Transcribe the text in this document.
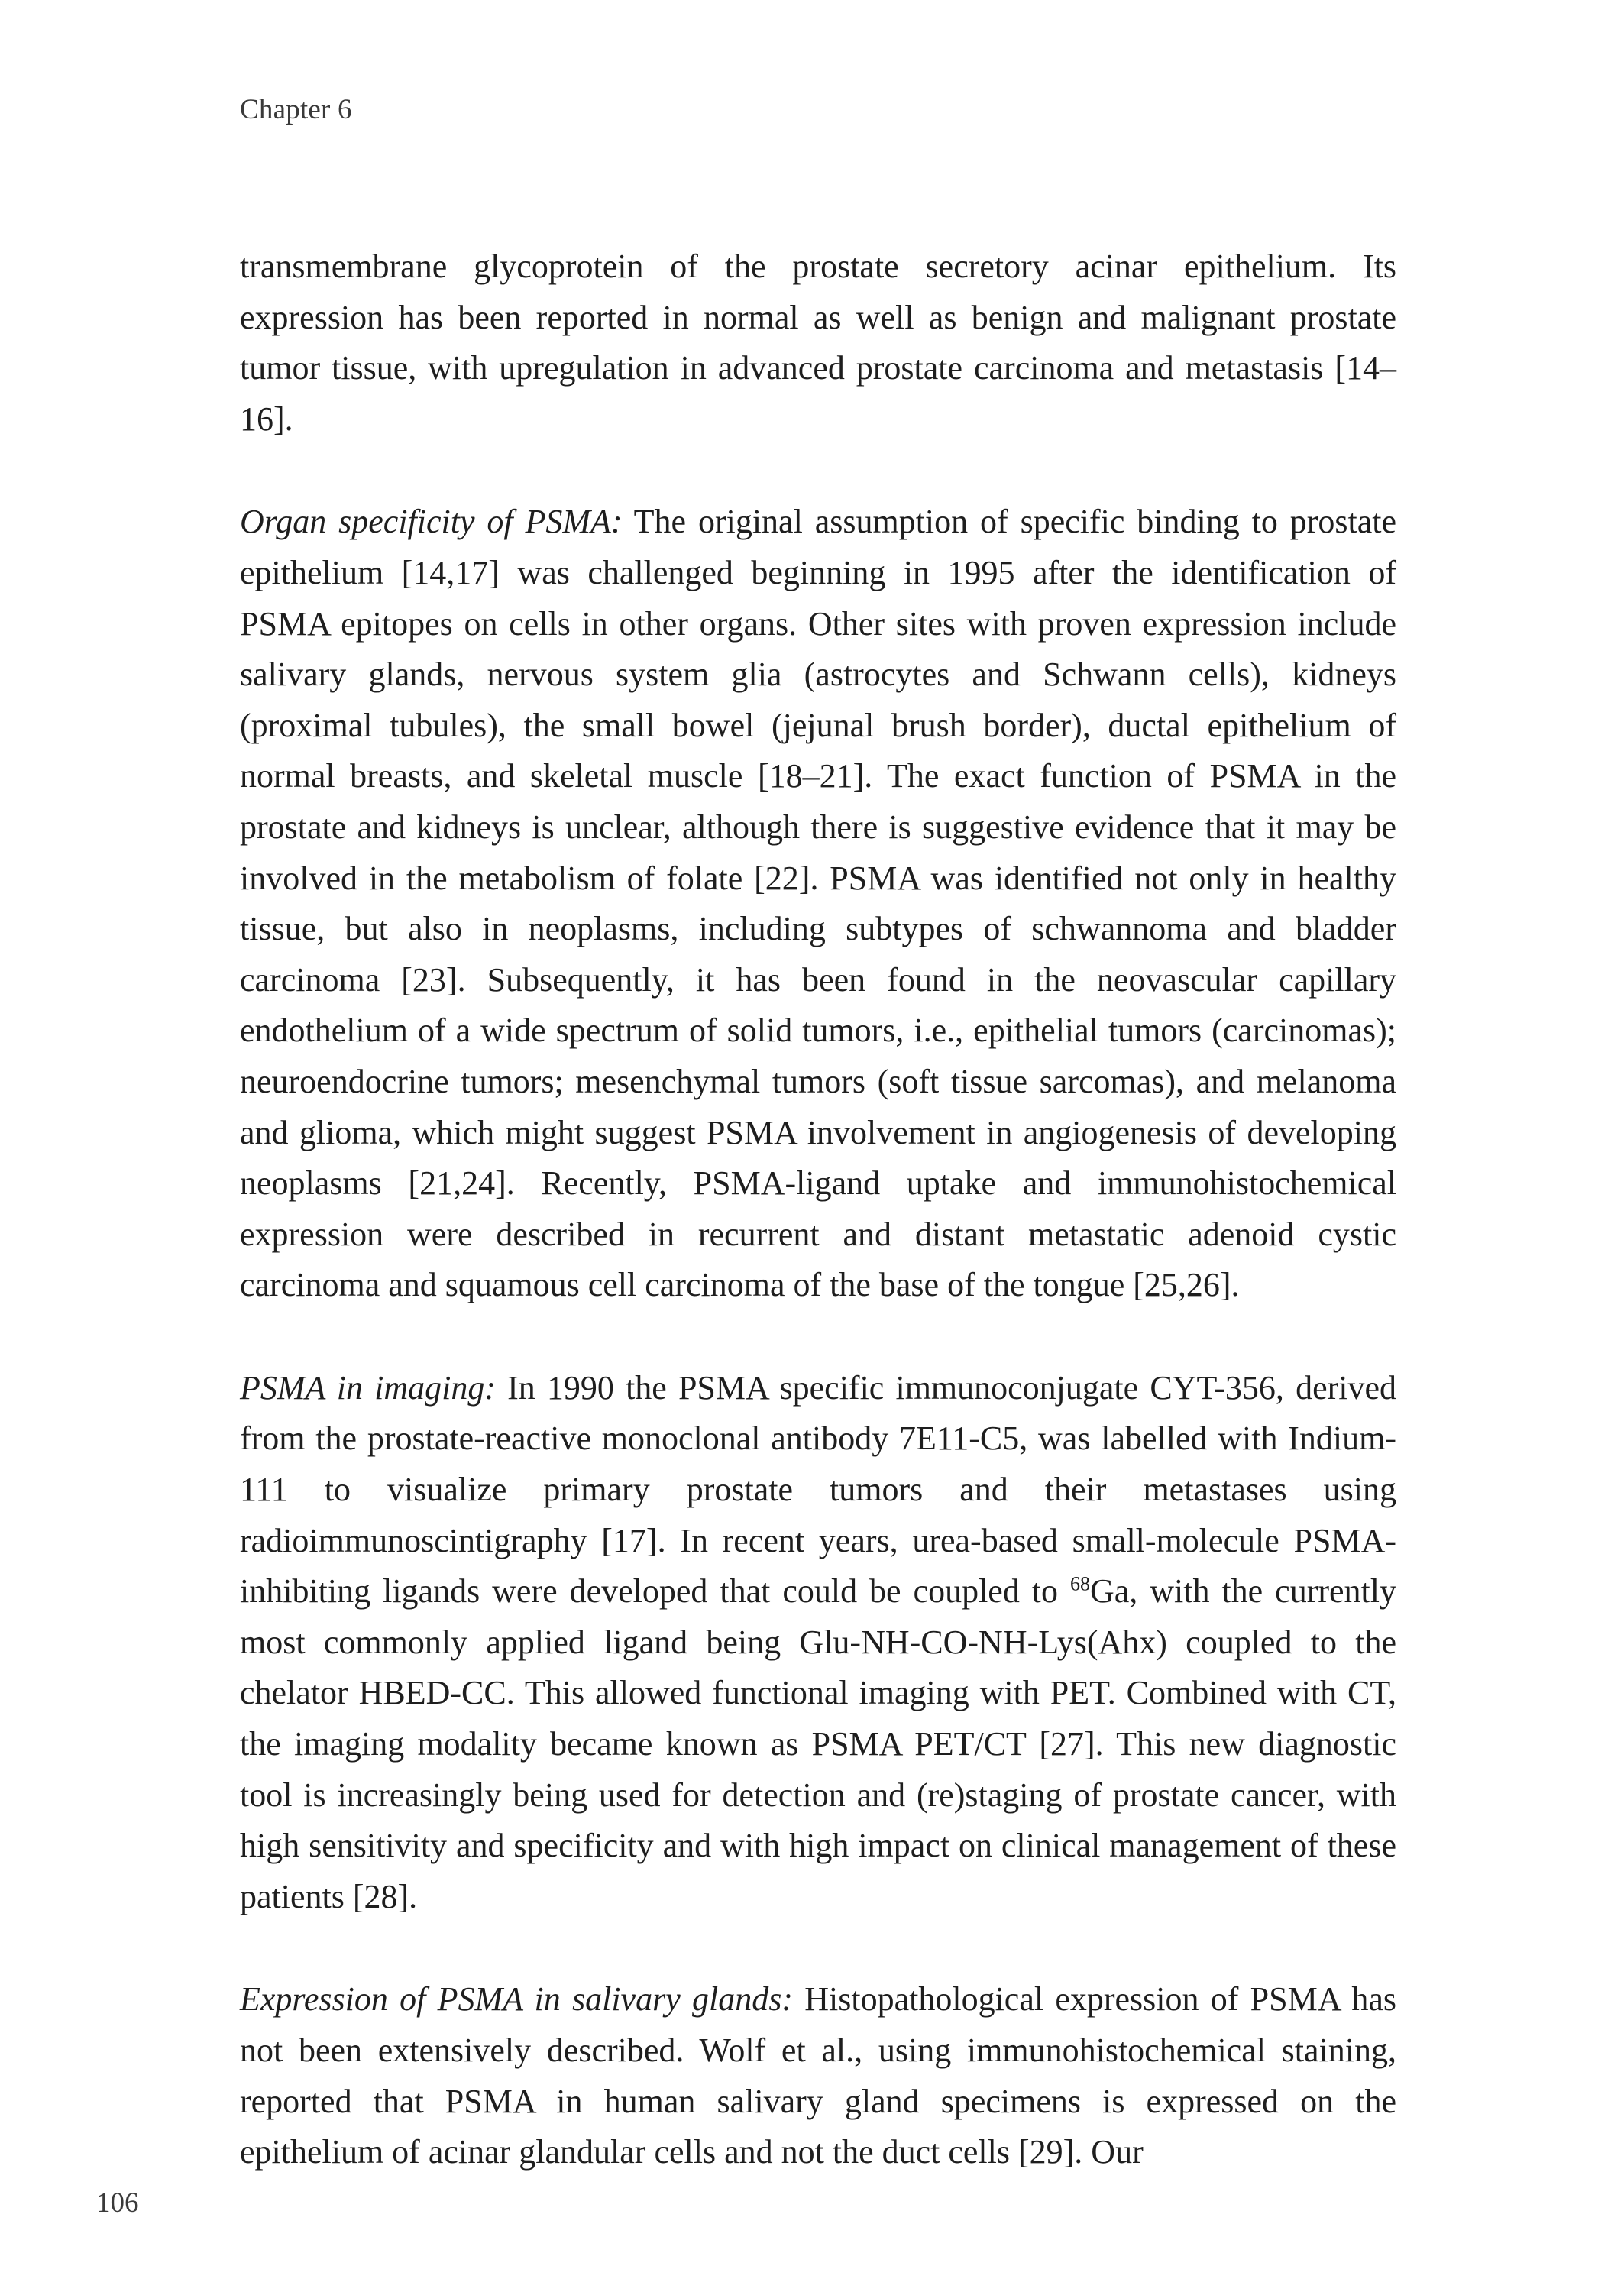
Chapter 6

transmembrane glycoprotein of the prostate secretory acinar epithelium. Its expression has been reported in normal as well as benign and malignant prostate tumor tissue, with upregulation in advanced prostate carcinoma and metastasis [14–16].

Organ specificity of PSMA: The original assumption of specific binding to prostate epithelium [14,17] was challenged beginning in 1995 after the identification of PSMA epitopes on cells in other organs. Other sites with proven expression include salivary glands, nervous system glia (astrocytes and Schwann cells), kidneys (proximal tubules), the small bowel (jejunal brush border), ductal epithelium of normal breasts, and skeletal muscle [18–21]. The exact function of PSMA in the prostate and kidneys is unclear, although there is suggestive evidence that it may be involved in the metabolism of folate [22]. PSMA was identified not only in healthy tissue, but also in neoplasms, including subtypes of schwannoma and bladder carcinoma [23]. Subsequently, it has been found in the neovascular capillary endothelium of a wide spectrum of solid tumors, i.e., epithelial tumors (carcinomas); neuroendocrine tumors; mesenchymal tumors (soft tissue sarcomas), and melanoma and glioma, which might suggest PSMA involvement in angiogenesis of developing neoplasms [21,24]. Recently, PSMA-ligand uptake and immunohistochemical expression were described in recurrent and distant metastatic adenoid cystic carcinoma and squamous cell carcinoma of the base of the tongue [25,26].

PSMA in imaging: In 1990 the PSMA specific immunoconjugate CYT-356, derived from the prostate-reactive monoclonal antibody 7E11-C5, was labelled with Indium-111 to visualize primary prostate tumors and their metastases using radioimmunoscintigraphy [17]. In recent years, urea-based small-molecule PSMA-inhibiting ligands were developed that could be coupled to $^{68}$Ga, with the currently most commonly applied ligand being Glu-NH-CO-NH-Lys(Ahx) coupled to the chelator HBED-CC. This allowed functional imaging with PET. Combined with CT, the imaging modality became known as PSMA PET/CT [27]. This new diagnostic tool is increasingly being used for detection and (re)staging of prostate cancer, with high sensitivity and specificity and with high impact on clinical management of these patients [28].

Expression of PSMA in salivary glands: Histopathological expression of PSMA has not been extensively described. Wolf et al., using immunohistochemical staining, reported that PSMA in human salivary gland specimens is expressed on the epithelium of acinar glandular cells and not the duct cells [29]. Our

106
